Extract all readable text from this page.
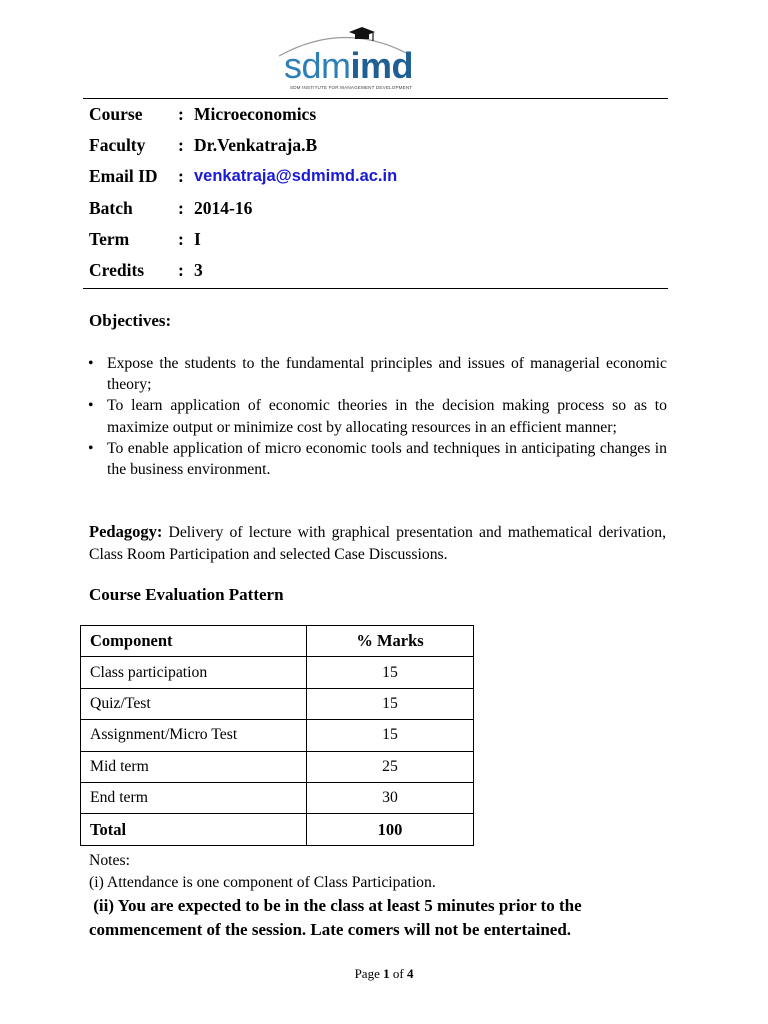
sdmimd
SDM INSTITUTE FOR MANAGEMENT DEVELOPMENT
Course	: Microeconomics
Faculty	: Dr.Venkatraja.B
Email ID	: venkatraja@sdmimd.ac.in
Batch	: 2014-16
Term	: I
Credits	: 3
Objectives:
• Expose the students to the fundamental principles and issues of managerial economic theory;
• To learn application of economic theories in the decision making process so as to maximize output or minimize cost by allocating resources in an efficient manner;
• To enable application of micro economic tools and techniques in anticipating changes in the business environment.
Pedagogy: Delivery of lecture with graphical presentation and mathematical derivation, Class Room Participation and selected Case Discussions.
Course Evaluation Pattern
Component	% Marks
Class participation	15
Quiz/Test	15
Assignment/Micro Test	15
Mid term	25
End term	30
Total	100
Notes:
(i) Attendance is one component of Class Participation.
(ii) You are expected to be in the class at least 5 minutes prior to the
commencement of the session. Late comers will not be entertained.
Page 1 of 4
